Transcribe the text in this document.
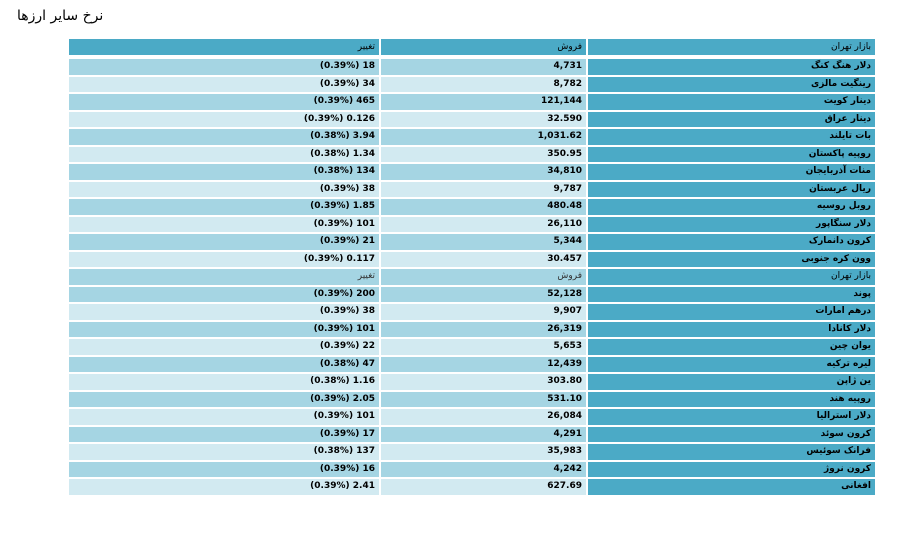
نرخ سایر ارزها
بازار تهران
فروش
تغییر
دلار هنگ کنگ
4,731
18 (0.39%)
رینگیت مالزی
8,782
34 (0.39%)
دینار کویت
121,144
465 (0.39%)
دینار عراق
32.590
0.126 (0.39%)
بات تایلند
1,031.62
3.94 (0.38%)
روپیه پاکستان
350.95
1.34 (0.38%)
منات آذربایجان
34,810
134 (0.38%)
ریال عربستان
9,787
38 (0.39%)
روبل روسیه
480.48
1.85 (0.39%)
دلار سنگاپور
26,110
101 (0.39%)
کرون دانمارک
5,344
21 (0.39%)
وون کره جنوبی
30.457
0.117 (0.39%)
بازار تهران
فروش
تغییر
پوند
52,128
200 (0.39%)
درهم امارات
9,907
38 (0.39%)
دلار کانادا
26,319
101 (0.39%)
یوان چین
5,653
22 (0.39%)
لیره ترکیه
12,439
47 (0.38%)
ین ژاپن
303.80
1.16 (0.38%)
روپیه هند
531.10
2.05 (0.39%)
دلار استرالیا
26,084
101 (0.39%)
کرون سوئد
4,291
17 (0.39%)
فرانک سوئیس
35,983
137 (0.38%)
کرون نروژ
4,242
16 (0.39%)
افغانی
627.69
2.41 (0.39%)
